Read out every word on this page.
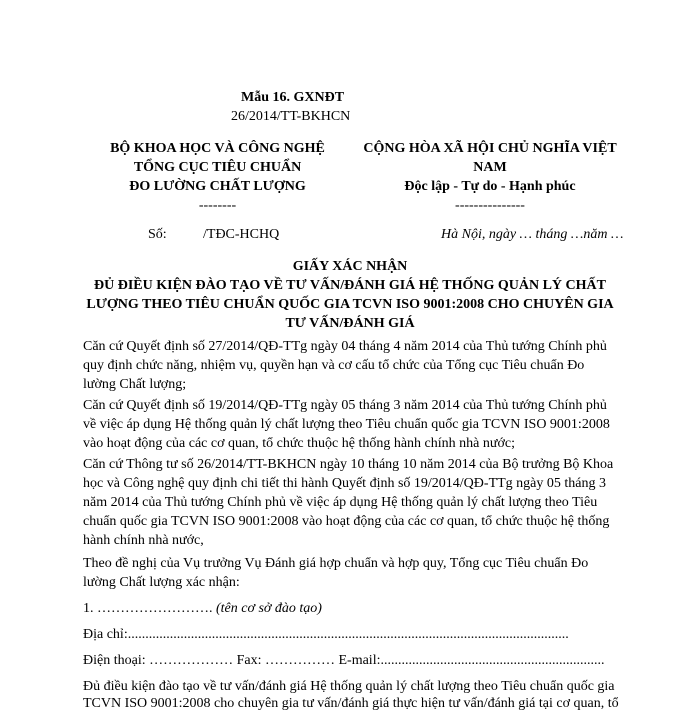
Mẫu 16. GXNĐT
26/2014/TT-BKHCN
BỘ KHOA HỌC VÀ CÔNG NGHỆ
TỔNG CỤC TIÊU CHUẨN
ĐO LƯỜNG CHẤT LƯỢNG
--------
CỘNG HÒA XÃ HỘI CHỦ NGHĨA VIỆT
NAM
Độc lập - Tự do - Hạnh phúc
---------------
Số:	/TĐC-HCHQ	Hà Nội, ngày … tháng …năm …
GIẤY XÁC NHẬN
ĐỦ ĐIỀU KIỆN ĐÀO TẠO VỀ TƯ VẤN/ĐÁNH GIÁ HỆ THỐNG QUẢN LÝ CHẤT
LƯỢNG THEO TIÊU CHUẨN QUỐC GIA TCVN ISO 9001:2008 CHO CHUYÊN GIA
TƯ VẤN/ĐÁNH GIÁ
Căn cứ Quyết định số 27/2014/QĐ-TTg ngày 04 tháng 4 năm 2014 của Thủ tướng Chính phủ quy định chức năng, nhiệm vụ, quyền hạn và cơ cấu tổ chức của Tổng cục Tiêu chuẩn Đo lường Chất lượng;
Căn cứ Quyết định số 19/2014/QĐ-TTg ngày 05 tháng 3 năm 2014 của Thủ tướng Chính phủ về việc áp dụng Hệ thống quản lý chất lượng theo Tiêu chuẩn quốc gia TCVN ISO 9001:2008 vào hoạt động của các cơ quan, tổ chức thuộc hệ thống hành chính nhà nước;
Căn cứ Thông tư số 26/2014/TT-BKHCN ngày 10 tháng 10 năm 2014 của Bộ trưởng Bộ Khoa học và Công nghệ quy định chi tiết thi hành Quyết định số 19/2014/QĐ-TTg ngày 05 tháng 3 năm 2014 của Thủ tướng Chính phủ về việc áp dụng Hệ thống quản lý chất lượng theo Tiêu chuẩn quốc gia TCVN ISO 9001:2008 vào hoạt động của các cơ quan, tổ chức thuộc hệ thống hành chính nhà nước,
Theo đề nghị của Vụ trưởng Vụ Đánh giá hợp chuẩn và hợp quy, Tổng cục Tiêu chuẩn Đo lường Chất lượng xác nhận:
1. ……………………. (tên cơ sở đào tạo)
Địa chỉ:..............................................................................................................................
Điện thoại: ……………… Fax: …………… E-mail:................................................................
Đủ điều kiện đào tạo về tư vấn/đánh giá Hệ thống quản lý chất lượng theo Tiêu chuẩn quốc gia
TCVN ISO 9001:2008 cho chuyên gia tư vấn/đánh giá thực hiện tư vấn/đánh giá tại cơ quan, tổ
